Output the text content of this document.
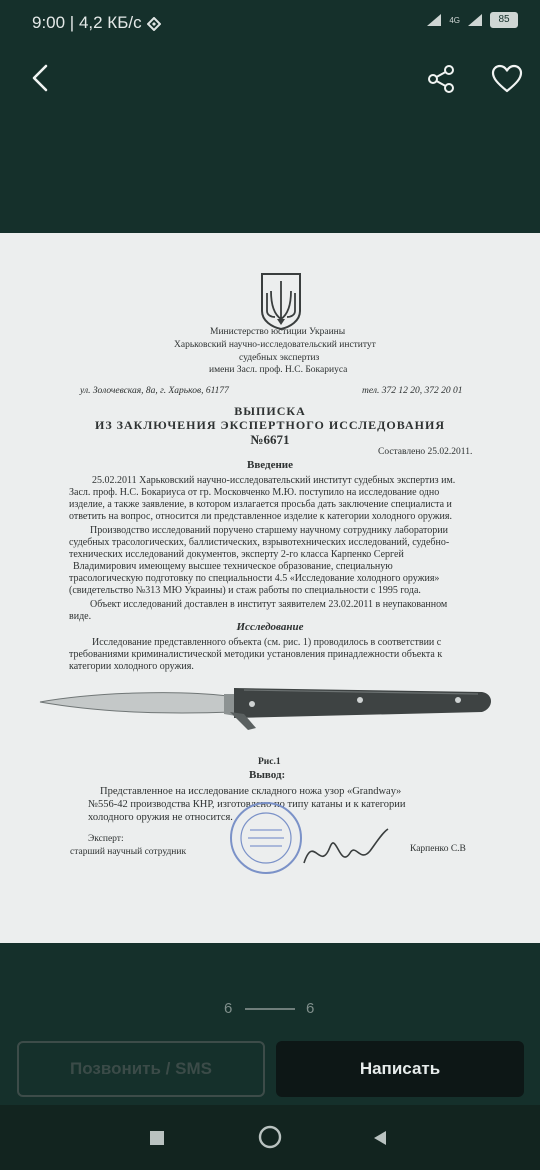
9:00 | 4,2 КБ/с	4G	85
Министерство юстиции Украины
Харьковский научно-исследовательский институт
судебных экспертиз
имени Засл. проф. Н.С. Бокариуса
ул. Золочевская, 8а, г. Харьков, 61177	тел. 372 12 20, 372 20 01
ВЫПИСКА
ИЗ ЗАКЛЮЧЕНИЯ ЭКСПЕРТНОГО ИССЛЕДОВАНИЯ
№6671
Составлено 25.02.2011.
Введение
25.02.2011 Харьковский научно-исследовательский институт судебных экспертиз им.
Засл. проф. Н.С. Бокариуса от гр. Московченко М.Ю. поступило на исследование одно
изделие, а также заявление, в котором излагается просьба дать заключение специалиста и
ответить на вопрос, относится ли представленное изделие к категории холодного оружия.
Производство исследований поручено старшему научному сотруднику лаборатории
судебных трасологических, баллистических, взрывотехнических исследований, судебно-
технических исследований документов, эксперту 2-го класса Карпенко Сергей
Владимирович имеющему высшее техническое образование, специальную
трасологическую подготовку по специальности 4.5 «Исследование холодного оружия»
(свидетельство №313 МЮ Украины) и стаж работы по специальности с 1995 года.
Объект исследований доставлен в институт заявителем 23.02.2011 в неупакованном
виде.
Исследование
Исследование представленного объекта (см. рис. 1) проводилось в соответствии с
требованиями криминалистической методики установления принадлежности объекта к
категории холодного оружия.
Рис.1
Вывод:
Представленное на исследование складного ножа узор «Grandway»
№556-42 производства КНР, изготовлено по типу катаны и к категории
холодного оружия не относится.
Эксперт:
старший научный сотрудник	Карпенко С.В
6	6
Позвонить / SMS	Написать
